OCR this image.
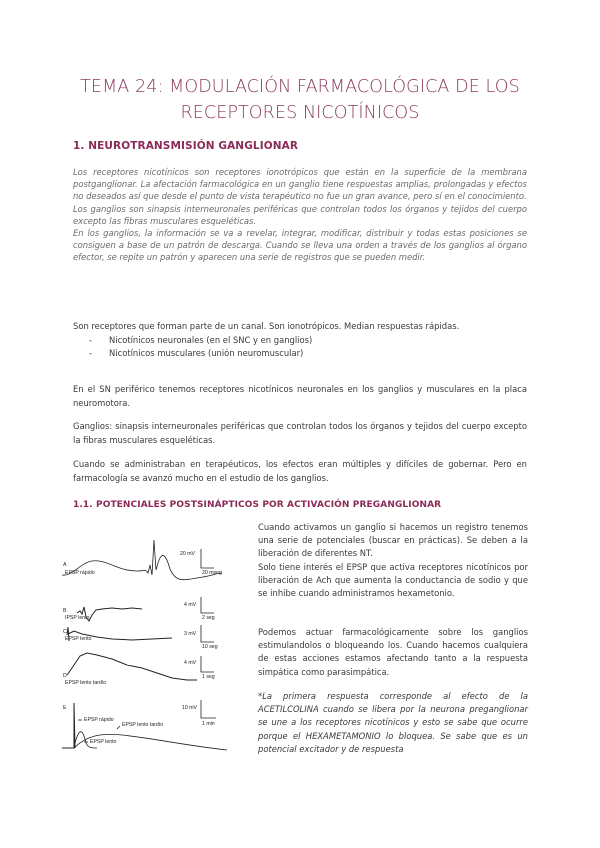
TEMA 24: MODULACIÓN FARMACOLÓGICA DE LOS
RECEPTORES NICOTÍNICOS
1. NEUROTRANSMISIÓN GANGLIONAR

Los receptores nicotínicos son receptores ionotrópicos que están en la superficie de la membrana postganglionar. La afectación farmacológica en un ganglio tiene respuestas amplias, prolongadas y efectos no deseados así que desde el punto de vista terapéutico no fue un gran avance, pero sí en el conocimiento.

Los ganglios son sinapsis interneuronales periféricas que controlan todos los órganos y tejidos del cuerpo excepto las fibras musculares esqueléticas.

En los ganglios, la información se va a revelar, integrar, modificar, distribuir y todas estas posiciones se consiguen a base de un patrón de descarga. Cuando se lleva una orden a través de los ganglios al órgano efector, se repite un patrón y aparecen una serie de registros que se pueden medir.

Son receptores que forman parte de un canal. Son ionotrópicos. Median respuestas rápidas.

- Nicotínicos neuronales (en el SNC y en ganglios)
- Nicotínicos musculares (unión neuromuscular)

En el SN periférico tenemos receptores nicotínicos neuronales en los ganglios y musculares en la placa neuromotora.

Ganglios: sinapsis interneuronales periféricas que controlan todos los órganos y tejidos del cuerpo excepto la fibras musculares esqueléticas.

Cuando se administraban en terapéuticos, los efectos eran múltiples y difíciles de gobernar. Pero en farmacología se avanzó mucho en el estudio de los ganglios.

1.1. POTENCIALES POSTSINÁPTICOS POR ACTIVACIÓN PREGANGLIONAR
A
EPSP rápido
20 mV
20 mseg
B
IPSP lento
4 mV
2 seg
C
EPSP lento
3 mV
10 seg
D
EPSP lento tardío
4 mV
1 seg
E	10 mV
1 min
EPSP rápido
EPSP lento
EPSP lento tardío

Cuando activamos un ganglio si hacemos un registro tenemos una serie de potenciales (buscar en prácticas). Se deben a la liberación de diferentes NT.

Solo tiene interés el EPSP que activa receptores nicotínicos por liberación de Ach que aumenta la conductancia de sodio y que se inhibe cuando administramos hexametonio.

Podemos actuar farmacológicamente sobre los ganglios estimulandolos o bloqueando los. Cuando hacemos cualquiera de estas acciones estamos afectando tanto a la respuesta simpática como parasimpática.

*La primera respuesta corresponde al efecto de la ACETILCOLINA cuando se libera por la neurona preganglionar se une a los receptores nicotínicos y esto se sabe que ocurre porque el HEXAMETAMONIO lo bloquea. Se sabe que es un potencial excitador y de respuesta
